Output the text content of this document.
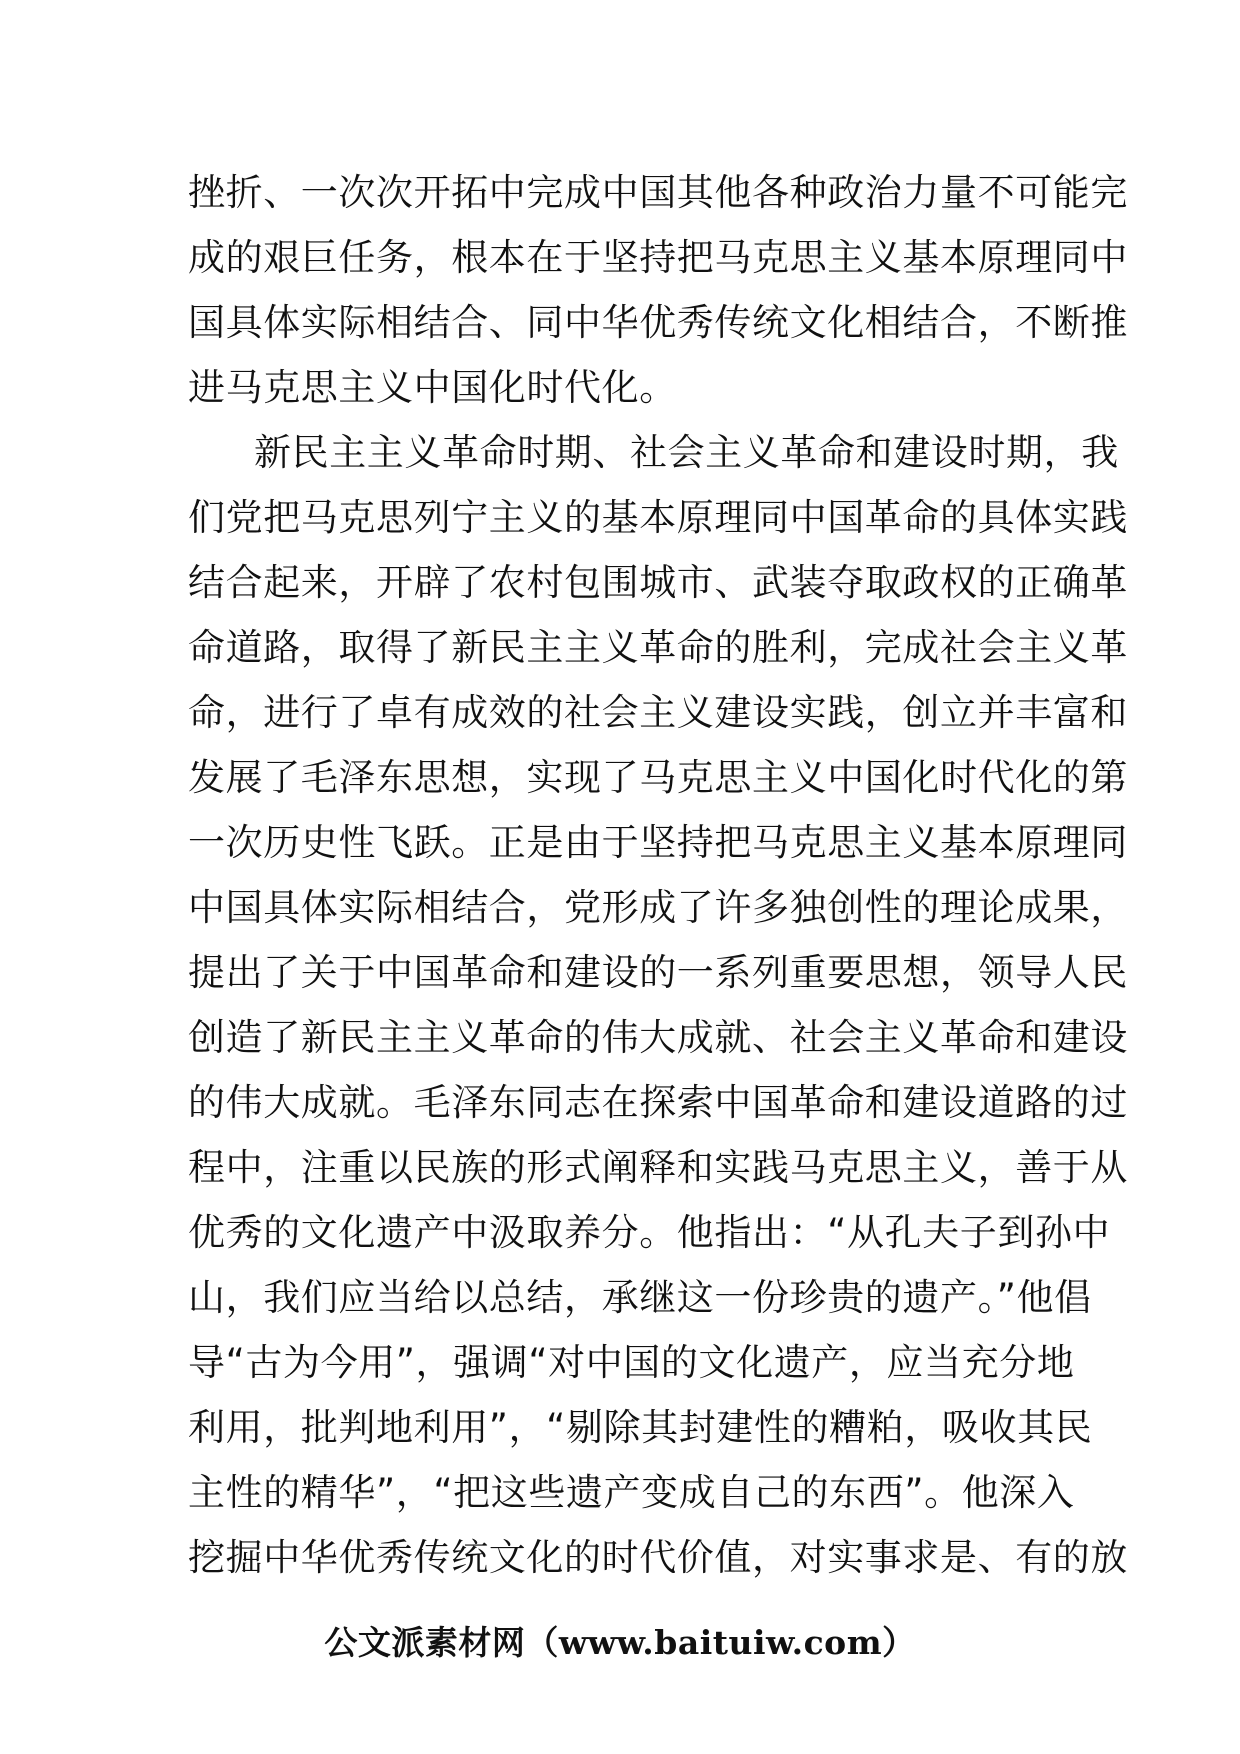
挫折、一次次开拓中完成中国其他各种政治力量不可能完
成的艰巨任务，根本在于坚持把马克思主义基本原理同中
国具体实际相结合、同中华优秀传统文化相结合，不断推
进马克思主义中国化时代化。
新民主主义革命时期、社会主义革命和建设时期，我
们党把马克思列宁主义的基本原理同中国革命的具体实践
结合起来，开辟了农村包围城市、武装夺取政权的正确革
命道路，取得了新民主主义革命的胜利，完成社会主义革
命，进行了卓有成效的社会主义建设实践，创立并丰富和
发展了毛泽东思想，实现了马克思主义中国化时代化的第
一次历史性飞跃。正是由于坚持把马克思主义基本原理同
中国具体实际相结合，党形成了许多独创性的理论成果，
提出了关于中国革命和建设的一系列重要思想，领导人民
创造了新民主主义革命的伟大成就、社会主义革命和建设
的伟大成就。毛泽东同志在探索中国革命和建设道路的过
程中，注重以民族的形式阐释和实践马克思主义，善于从
优秀的文化遗产中汲取养分。他指出：“从孔夫子到孙中
山，我们应当给以总结，承继这一份珍贵的遗产。”他倡
导“古为今用”，强调“对中国的文化遗产，应当充分地
利用，批判地利用”，“剔除其封建性的糟粕，吸收其民
主性的精华”，“把这些遗产变成自己的东西”。他深入
挖掘中华优秀传统文化的时代价值，对实事求是、有的放
公文派素材网（www.baituiw.com）
